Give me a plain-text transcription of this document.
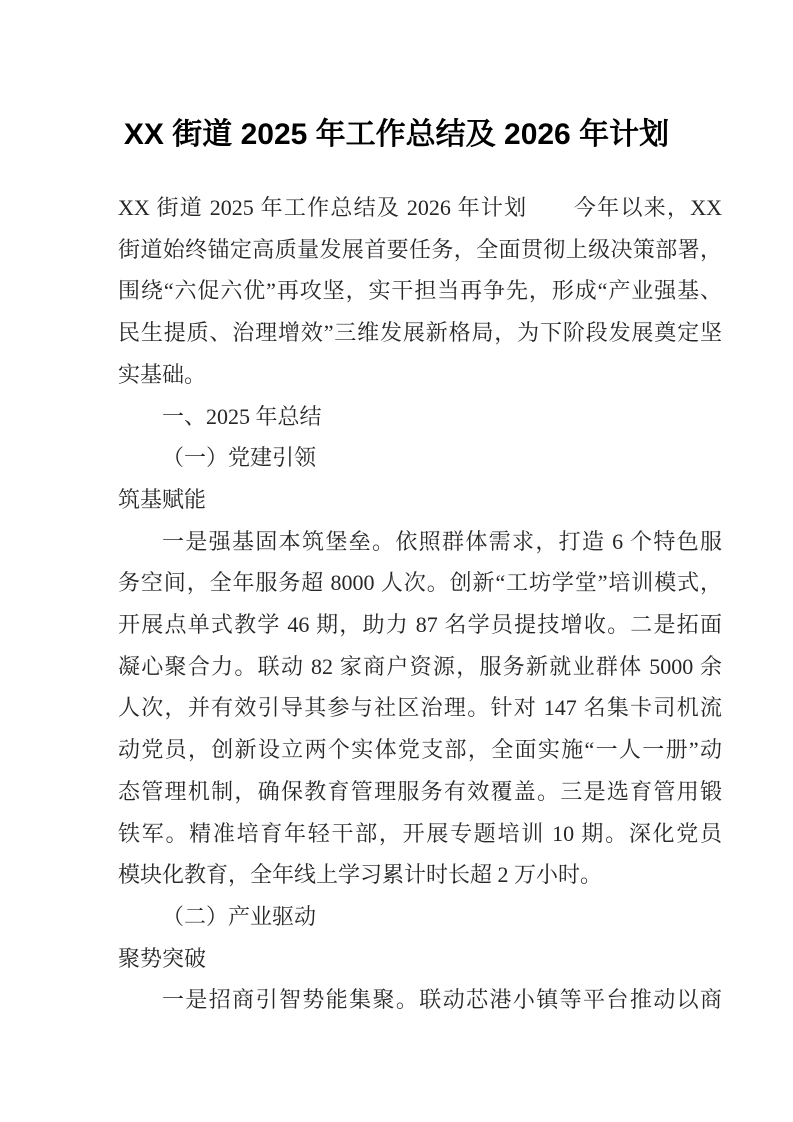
XX 街道 2025 年工作总结及 2026 年计划
XX 街道 2025 年工作总结及 2026 年计划　　今年以来，XX
街道始终锚定高质量发展首要任务，全面贯彻上级决策部署，
围绕“六促六优”再攻坚，实干担当再争先，形成“产业强基、
民生提质、治理增效”三维发展新格局，为下阶段发展奠定坚
实基础。
一、2025 年总结
（一）党建引领
筑基赋能
一是强基固本筑堡垒。依照群体需求，打造 6 个特色服
务空间，全年服务超 8000 人次。创新“工坊学堂”培训模式，
开展点单式教学 46 期，助力 87 名学员提技增收。二是拓面
凝心聚合力。联动 82 家商户资源，服务新就业群体 5000 余
人次，并有效引导其参与社区治理。针对 147 名集卡司机流
动党员，创新设立两个实体党支部，全面实施“一人一册”动
态管理机制，确保教育管理服务有效覆盖。三是选育管用锻
铁军。精准培育年轻干部，开展专题培训 10 期。深化党员
模块化教育，全年线上学习累计时长超 2 万小时。
（二）产业驱动
聚势突破
一是招商引智势能集聚。联动芯港小镇等平台推动以商
